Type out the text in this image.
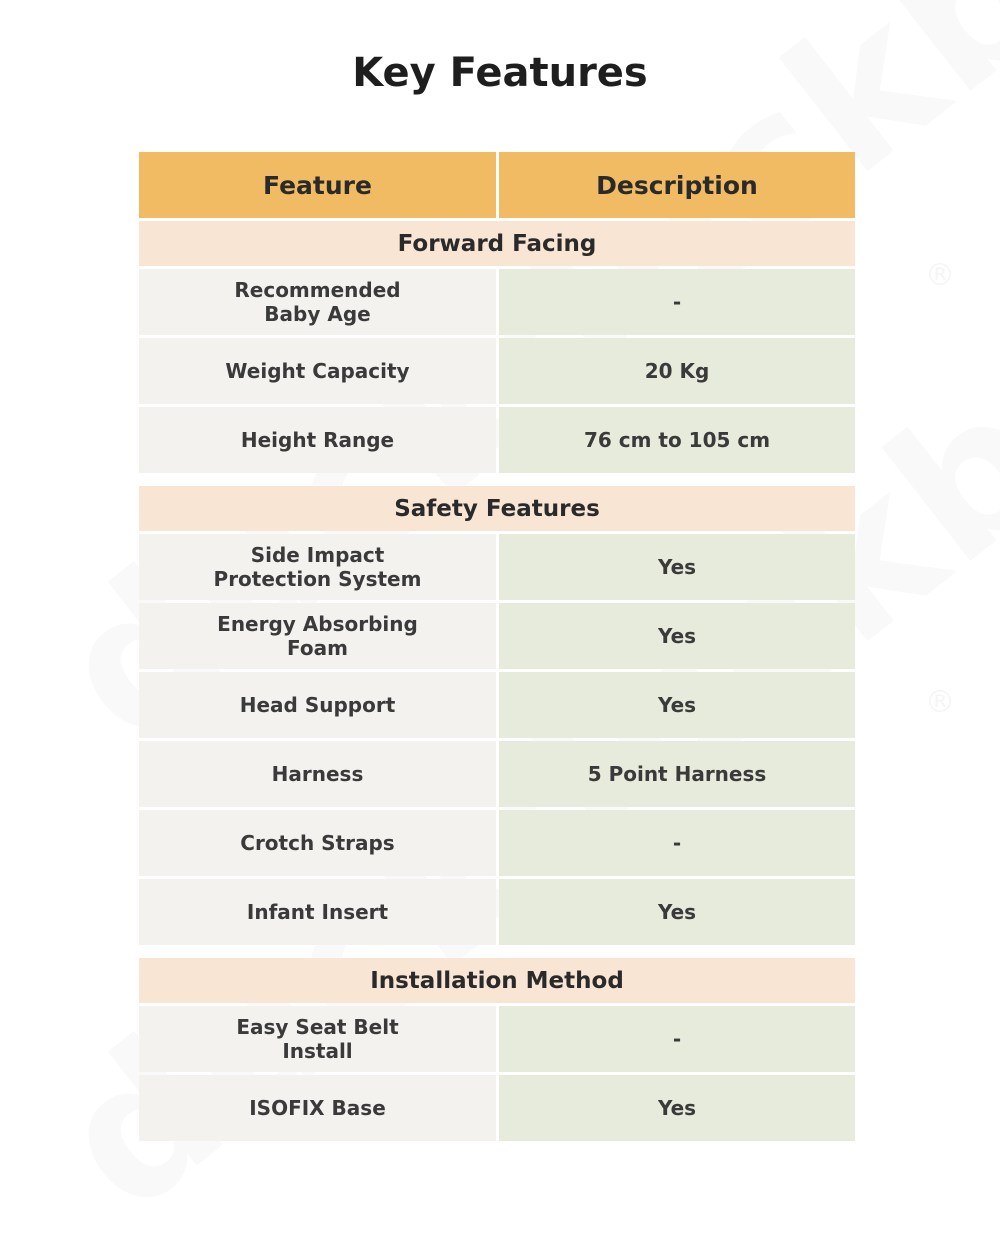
®
®
Key Features
Feature	Description
Forward Facing
Recommended Baby Age	-
Weight Capacity	20 Kg
Height Range	76 cm to 105 cm
Safety Features
Side Impact Protection System	Yes
Energy Absorbing Foam	Yes
Head Support	Yes
Harness	5 Point Harness
Crotch Straps	-
Infant Insert	Yes
Installation Method
Easy Seat Belt Install	-
ISOFIX Base	Yes
